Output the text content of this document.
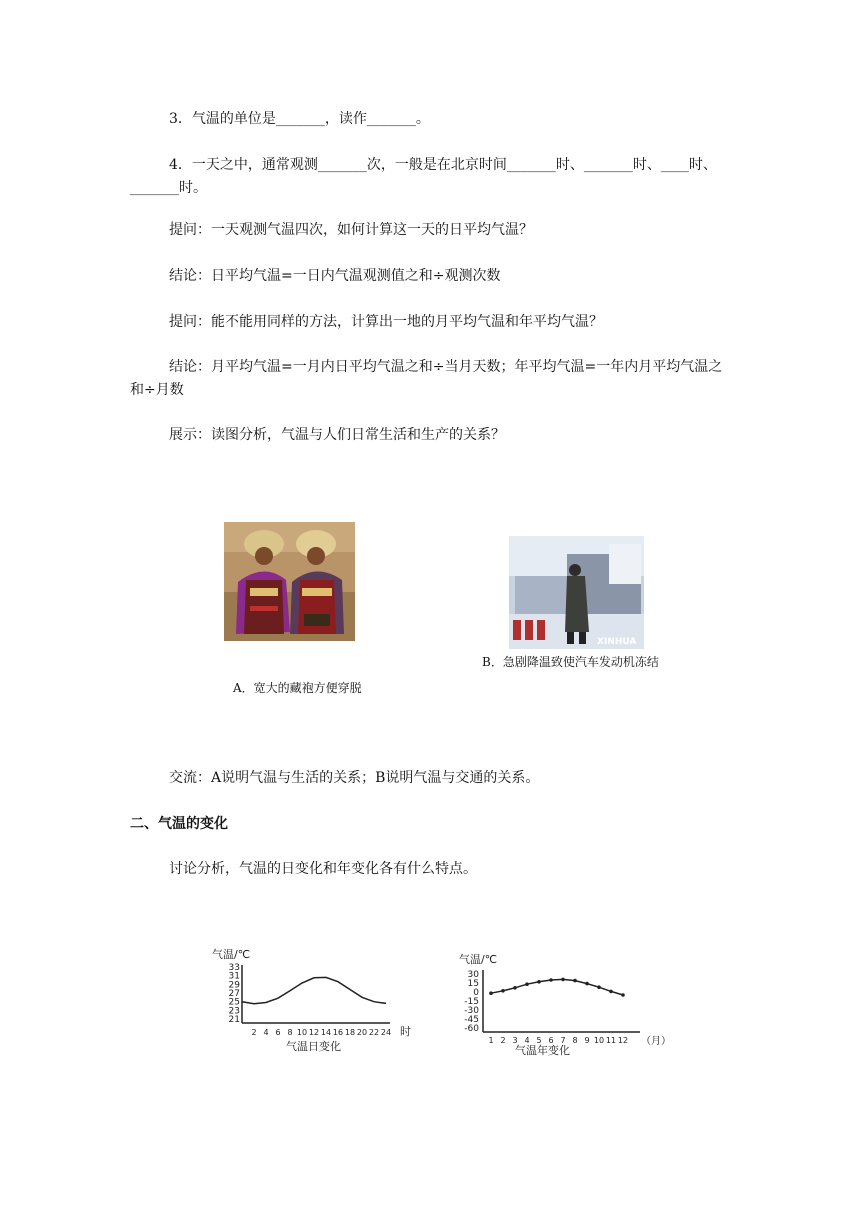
3．气温的单位是_______，读作_______。

4．一天之中，通常观测_______次，一般是在北京时间_______时、_______时、____时、_______时。

提问：一天观测气温四次，如何计算这一天的日平均气温？

结论：日平均气温=一日内气温观测值之和÷观测次数

提问：能不能用同样的方法，计算出一地的月平均气温和年平均气温？

结论：月平均气温=一月内日平均气温之和÷当月天数；年平均气温=一年内月平均气温之和÷月数

展示：读图分析，气温与人们日常生活和生产的关系？

XINHUA
B．急剧降温致使汽车发动机冻结
A．宽大的藏袍方便穿脱

交流：A说明气温与生活的关系；B说明气温与交通的关系。

二、气温的变化

讨论分析，气温的日变化和年变化各有什么特点。

气温/℃
33
31
29
27
25
23
21
2 4 6 8 10 12 14 16 18 20 22 24 时
气温日变化
气温/℃
30
15
0
-15
-30
-45
-60
1 2 3 4 5 6 7 8 9 10 11 12 （月）
气温年变化
